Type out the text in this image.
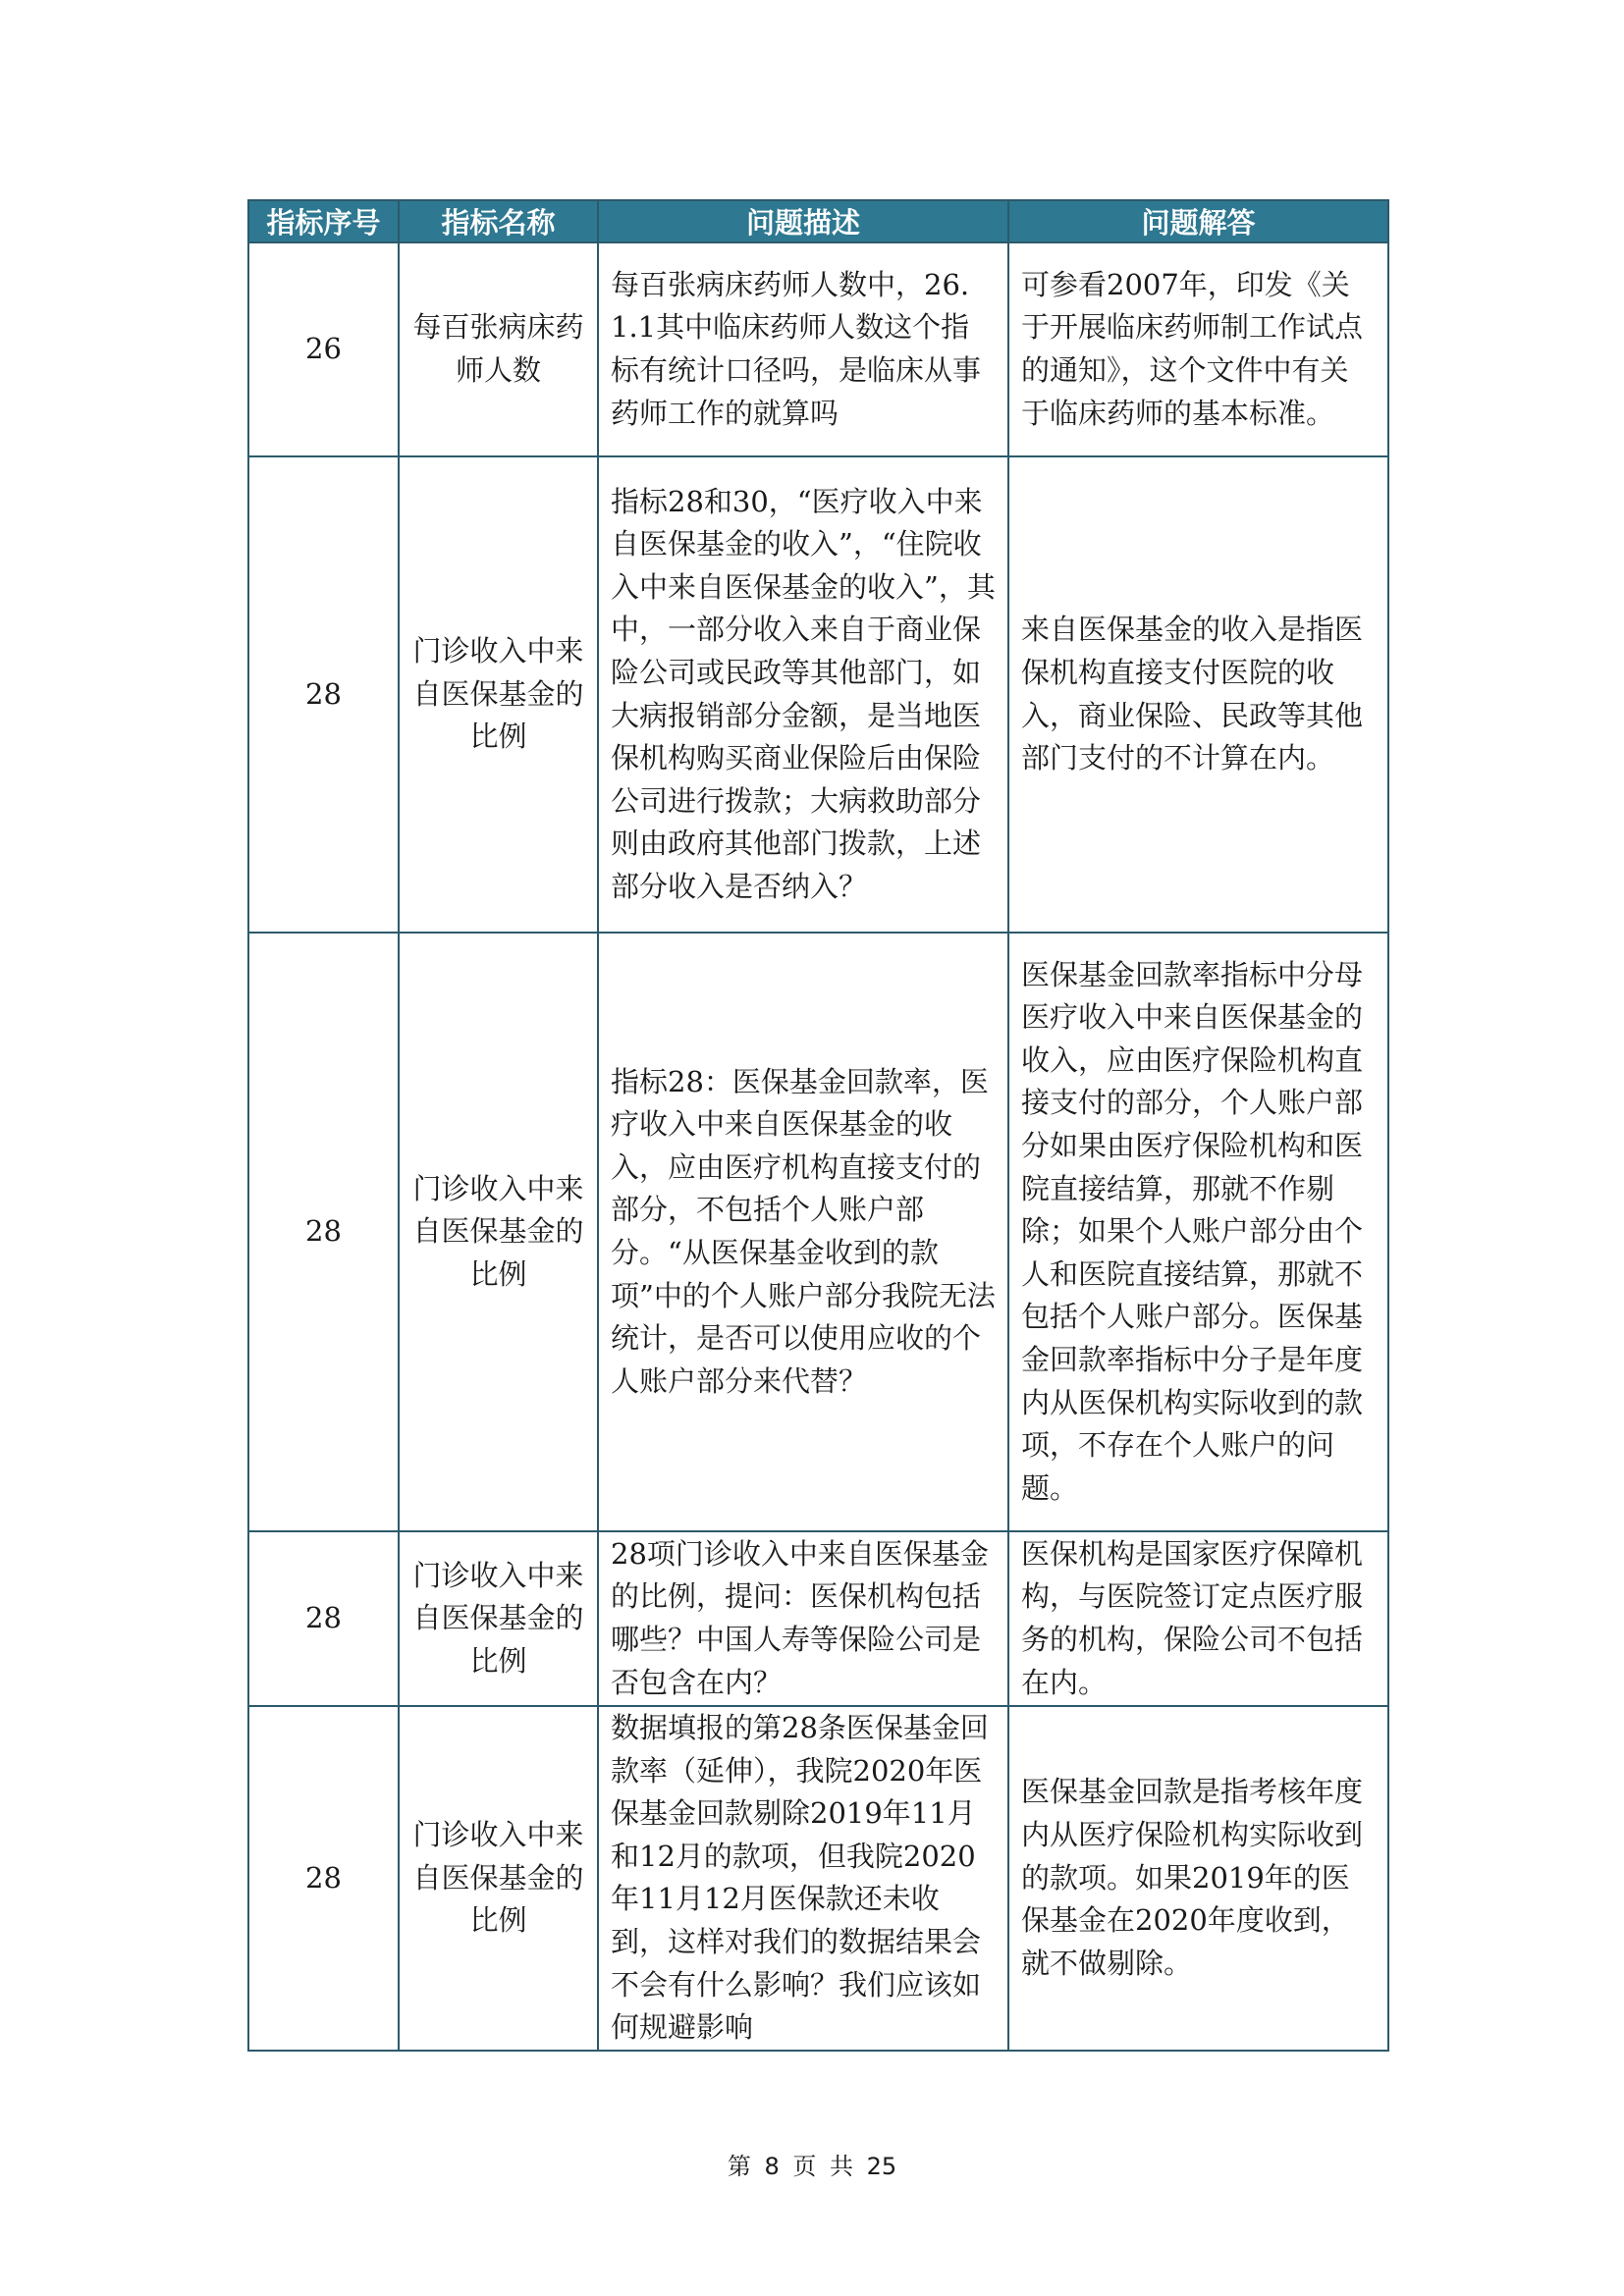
指标序号	指标名称	问题描述	问题解答
26	每百张病床药师人数	每百张病床药师人数中，26.1.1其中临床药师人数这个指标有统计口径吗，是临床从事药师工作的就算吗	可参看2007年，印发《关于开展临床药师制工作试点的通知》，这个文件中有关于临床药师的基本标准。
28	门诊收入中来自医保基金的比例	指标28和30，“医疗收入中来自医保基金的收入”，“住院收入中来自医保基金的收入”，其中，一部分收入来自于商业保险公司或民政等其他部门，如大病报销部分金额，是当地医保机构购买商业保险后由保险公司进行拨款；大病救助部分则由政府其他部门拨款，上述部分收入是否纳入？	来自医保基金的收入是指医保机构直接支付医院的收入，商业保险、民政等其他部门支付的不计算在内。
28	门诊收入中来自医保基金的比例	指标28：医保基金回款率，医疗收入中来自医保基金的收入，应由医疗机构直接支付的部分，不包括个人账户部分。“从医保基金收到的款项”中的个人账户部分我院无法统计，是否可以使用应收的个人账户部分来代替？	医保基金回款率指标中分母医疗收入中来自医保基金的收入，应由医疗保险机构直接支付的部分，个人账户部分如果由医疗保险机构和医院直接结算，那就不作剔除；如果个人账户部分由个人和医院直接结算，那就不包括个人账户部分。医保基金回款率指标中分子是年度内从医保机构实际收到的款项，不存在个人账户的问题。
28	门诊收入中来自医保基金的比例	28项门诊收入中来自医保基金的比例，提问：医保机构包括哪些？中国人寿等保险公司是否包含在内？	医保机构是国家医疗保障机构，与医院签订定点医疗服务的机构，保险公司不包括在内。
28	门诊收入中来自医保基金的比例	数据填报的第28条医保基金回款率（延伸），我院2020年医保基金回款剔除2019年11月和12月的款项，但我院2020年11月12月医保款还未收到，这样对我们的数据结果会不会有什么影响？我们应该如何规避影响	医保基金回款是指考核年度内从医疗保险机构实际收到的款项。如果2019年的医保基金在2020年度收到，就不做剔除。
第 8 页 共 25
